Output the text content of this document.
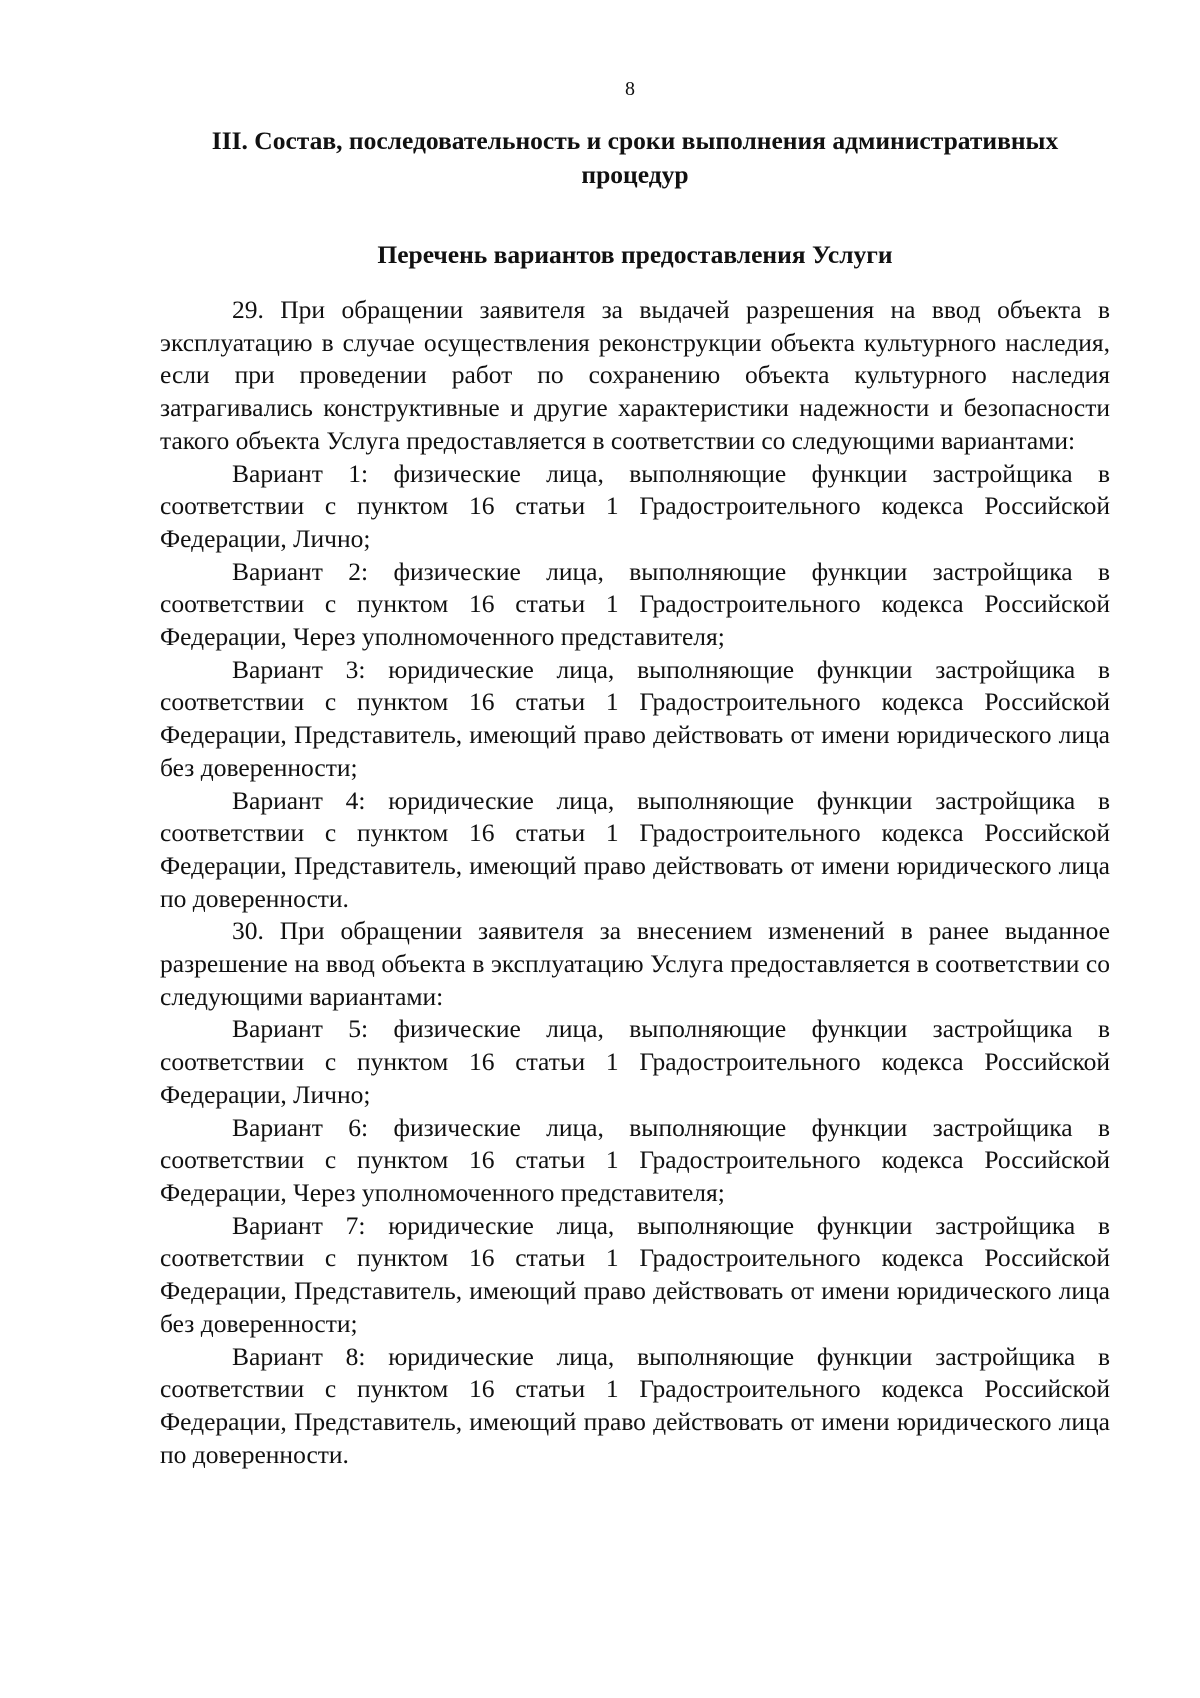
8
III. Состав, последовательность и сроки выполнения административных процедур
Перечень вариантов предоставления Услуги

29. При обращении заявителя за выдачей разрешения на ввод объекта в эксплуатацию в случае осуществления реконструкции объекта культурного наследия, если при проведении работ по сохранению объекта культурного наследия затрагивались конструктивные и другие характеристики надежности и безопасности такого объекта Услуга предоставляется в соответствии со следующими вариантами:

Вариант 1: физические лица, выполняющие функции застройщика в соответствии с пунктом 16 статьи 1 Градостроительного кодекса Российской Федерации, Лично;

Вариант 2: физические лица, выполняющие функции застройщика в соответствии с пунктом 16 статьи 1 Градостроительного кодекса Российской Федерации, Через уполномоченного представителя;

Вариант 3: юридические лица, выполняющие функции застройщика в соответствии с пунктом 16 статьи 1 Градостроительного кодекса Российской Федерации, Представитель, имеющий право действовать от имени юридического лица без доверенности;

Вариант 4: юридические лица, выполняющие функции застройщика в соответствии с пунктом 16 статьи 1 Градостроительного кодекса Российской Федерации, Представитель, имеющий право действовать от имени юридического лица по доверенности.

30. При обращении заявителя за внесением изменений в ранее выданное разрешение на ввод объекта в эксплуатацию Услуга предоставляется в соответствии со следующими вариантами:

Вариант 5: физические лица, выполняющие функции застройщика в соответствии с пунктом 16 статьи 1 Градостроительного кодекса Российской Федерации, Лично;

Вариант 6: физические лица, выполняющие функции застройщика в соответствии с пунктом 16 статьи 1 Градостроительного кодекса Российской Федерации, Через уполномоченного представителя;

Вариант 7: юридические лица, выполняющие функции застройщика в соответствии с пунктом 16 статьи 1 Градостроительного кодекса Российской Федерации, Представитель, имеющий право действовать от имени юридического лица без доверенности;

Вариант 8: юридические лица, выполняющие функции застройщика в соответствии с пунктом 16 статьи 1 Градостроительного кодекса Российской Федерации, Представитель, имеющий право действовать от имени юридического лица по доверенности.
